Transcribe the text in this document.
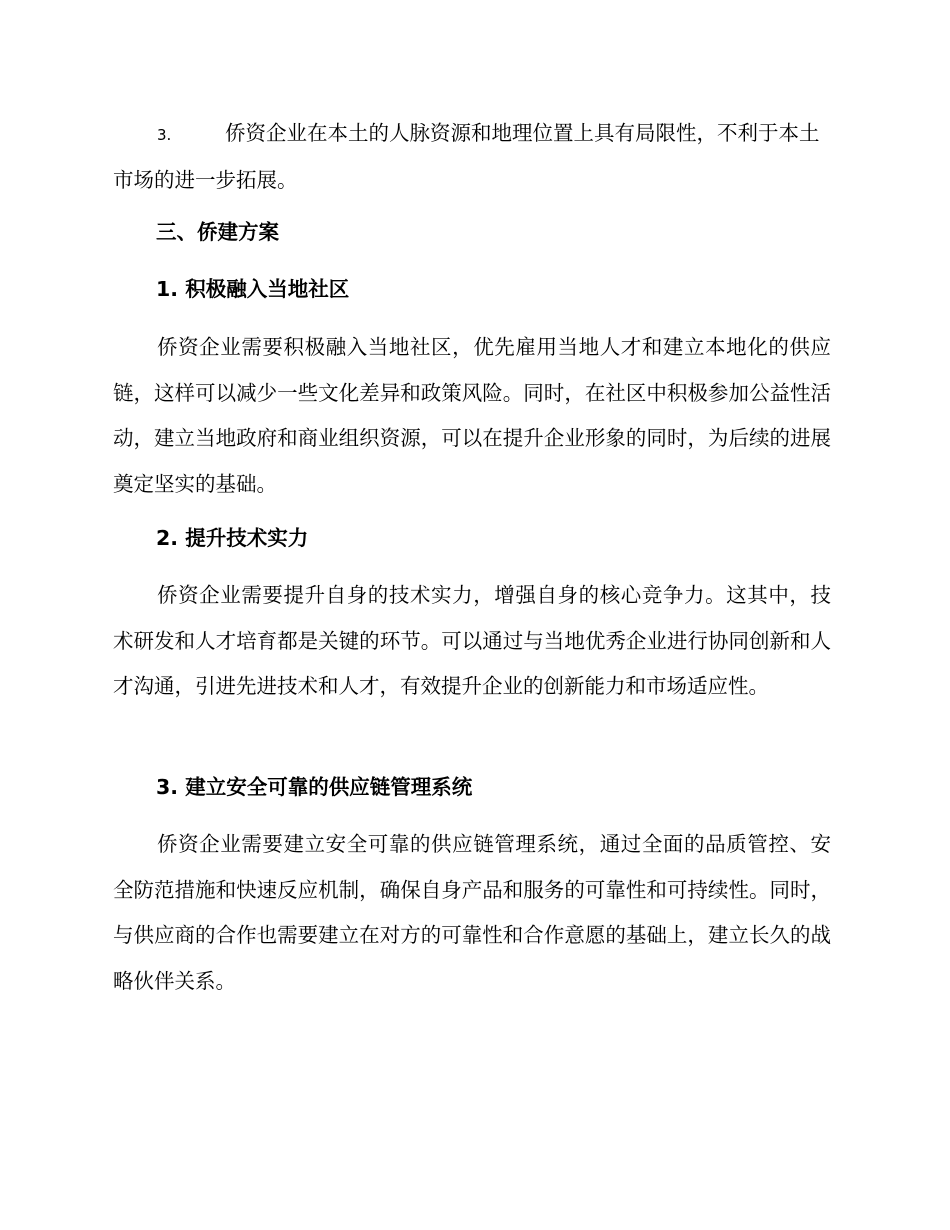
3.	侨资企业在本土的人脉资源和地理位置上具有局限性，不利于本土市场的进一步拓展。
三、侨建方案
1. 积极融入当地社区
侨资企业需要积极融入当地社区，优先雇用当地人才和建立本地化的供应链，这样可以减少一些文化差异和政策风险。同时，在社区中积极参加公益性活动，建立当地政府和商业组织资源，可以在提升企业形象的同时，为后续的进展奠定坚实的基础。
2. 提升技术实力
侨资企业需要提升自身的技术实力，增强自身的核心竞争力。这其中，技术研发和人才培育都是关键的环节。可以通过与当地优秀企业进行协同创新和人才沟通，引进先进技术和人才，有效提升企业的创新能力和市场适应性。
3. 建立安全可靠的供应链管理系统
侨资企业需要建立安全可靠的供应链管理系统，通过全面的品质管控、安全防范措施和快速反应机制，确保自身产品和服务的可靠性和可持续性。同时，与供应商的合作也需要建立在对方的可靠性和合作意愿的基础上，建立长久的战略伙伴关系。
